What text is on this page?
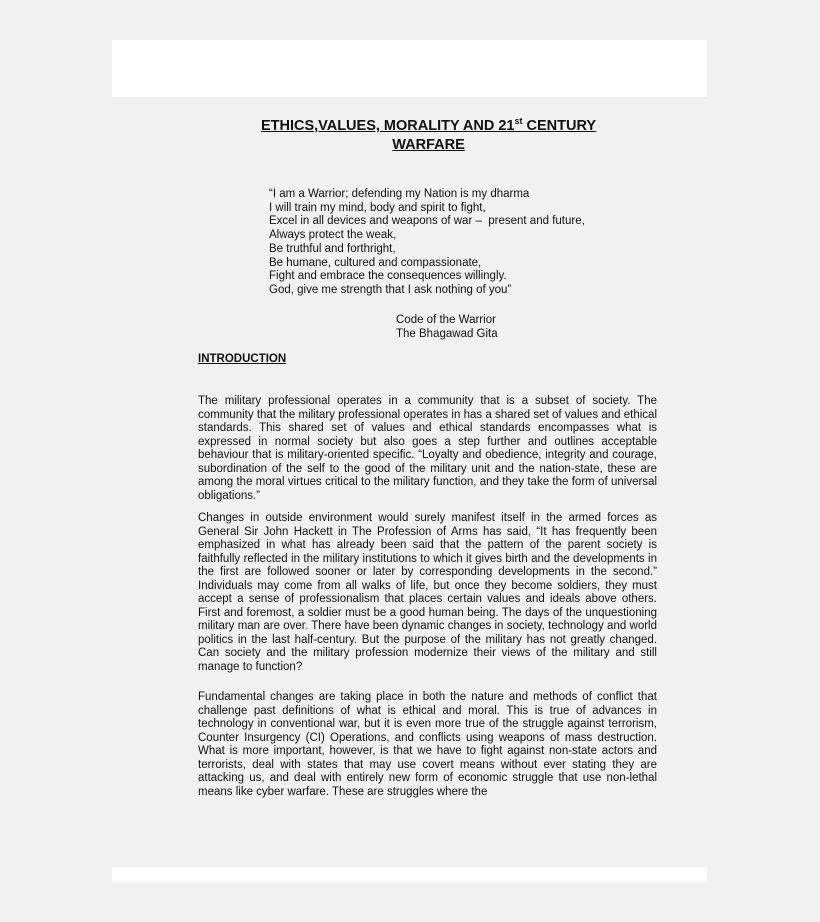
ETHICS,VALUES, MORALITY AND 21st CENTURY
WARFARE
“I am a Warrior; defending my Nation is my dharma
I will train my mind, body and spirit to fight,
Excel in all devices and weapons of war –  present and future,
Always protect the weak,
Be truthful and forthright,
Be humane, cultured and compassionate,
Fight and embrace the consequences willingly.
God, give me strength that I ask nothing of you”
Code of the Warrior
The Bhagawad Gita
INTRODUCTION
The military professional operates in a community that is a subset of society. The community that the military professional operates in has a shared set of values and ethical standards. This shared set of values and ethical standards encompasses what is expressed in normal society but also goes a step further and outlines acceptable behaviour that is military-oriented specific. “Loyalty and obedience, integrity and courage, subordination of the self to the good of the military unit and the nation-state, these are among the moral virtues critical to the military function, and they take the form of universal obligations.”
Changes in outside environment would surely manifest itself in the armed forces as General Sir John Hackett in The Profession of Arms has said, “It has frequently been emphasized in what has already been said that the pattern of the parent society is faithfully reflected in the military institutions to which it gives birth and the developments in the first are followed sooner or later by corresponding developments in the second.” Individuals may come from all walks of life, but once they become soldiers, they must accept a sense of professionalism that places certain values and ideals above others. First and foremost, a soldier must be a good human being. The days of the unquestioning military man are over. There have been dynamic changes in society, technology and world politics in the last half-century. But the purpose of the military has not greatly changed. Can society and the military profession modernize their views of the military and still manage to function?
Fundamental changes are taking place in both the nature and methods of conflict that challenge past definitions of what is ethical and moral. This is true of advances in technology in conventional war, but it is even more true of the struggle against terrorism, Counter Insurgency (CI) Operations, and conflicts using weapons of mass destruction. What is more important, however, is that we have to fight against non-state actors and terrorists, deal with states that may use covert means without ever stating they are attacking us, and deal with entirely new form of economic struggle that use non-lethal means like cyber warfare. These are struggles where the
